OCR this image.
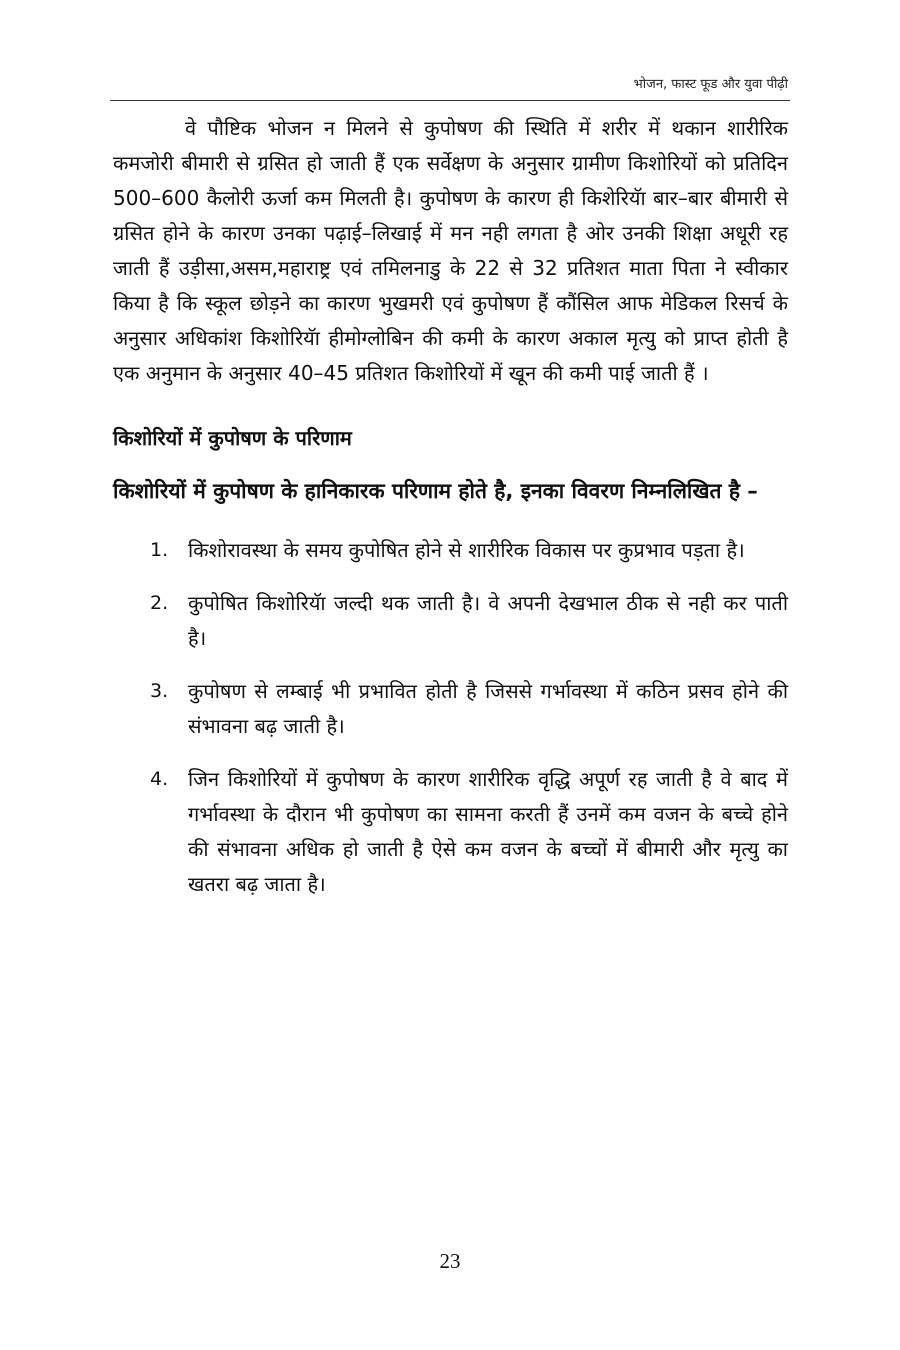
भोजन, फास्ट फूड और युवा पीढ़ी

वे पौष्टिक भोजन न मिलने से कुपोषण की स्थिति में शरीर में थकान शारीरिक कमजोरी बीमारी से ग्रसित हो जाती हैं एक सर्वेक्षण के अनुसार ग्रामीण किशोरियों को प्रतिदिन 500–600 कैलोरी ऊर्जा कम मिलती है। कुपोषण के कारण ही किशेरियॅा बार–बार बीमारी से ग्रसित होने के कारण उनका पढ़ाई–लिखाई में मन नही लगता है ओर उनकी शिक्षा अधूरी रह जाती हैं उड़ीसा,असम,महाराष्ट्र एवं तमिलनाडु के 22 से 32 प्रतिशत माता पिता ने स्वीकार किया है कि स्कूल छोड़ने का कारण भुखमरी एवं कुपोषण हैं कौंसिल आफ मेडिकल रिसर्च के अनुसार अधिकांश किशोरियॅा हीमोग्लोबिन की कमी के कारण अकाल मृत्यु को प्राप्त होती है एक अनुमान के अनुसार 40–45 प्रतिशत किशोरियों में खून की कमी पाई जाती हैं ।

किशोरियों में कुपोषण के परिणाम
किशोरियों में कुपोषण के हानिकारक परिणाम होते है, इनका विवरण निम्नलिखित है –
1. किशोरावस्था के समय कुपोषित होने से शारीरिक विकास पर कुप्रभाव पड़ता है।
2. कुपोषित किशोरियॅा जल्दी थक जाती है। वे अपनी देखभाल ठीक से नही कर पाती है।
3. कुपोषण से लम्बाई भी प्रभावित होती है जिससे गर्भावस्था में कठिन प्रसव होने की संभावना बढ़ जाती है।
4. जिन किशोरियों में कुपोषण के कारण शारीरिक वृद्धि अपूर्ण रह जाती है वे बाद में गर्भावस्था के दौरान भी कुपोषण का सामना करती हैं उनमें कम वजन के बच्चे होने की संभावना अधिक हो जाती है ऐसे कम वजन के बच्चों में बीमारी और मृत्यु का खतरा बढ़ जाता है।
23
